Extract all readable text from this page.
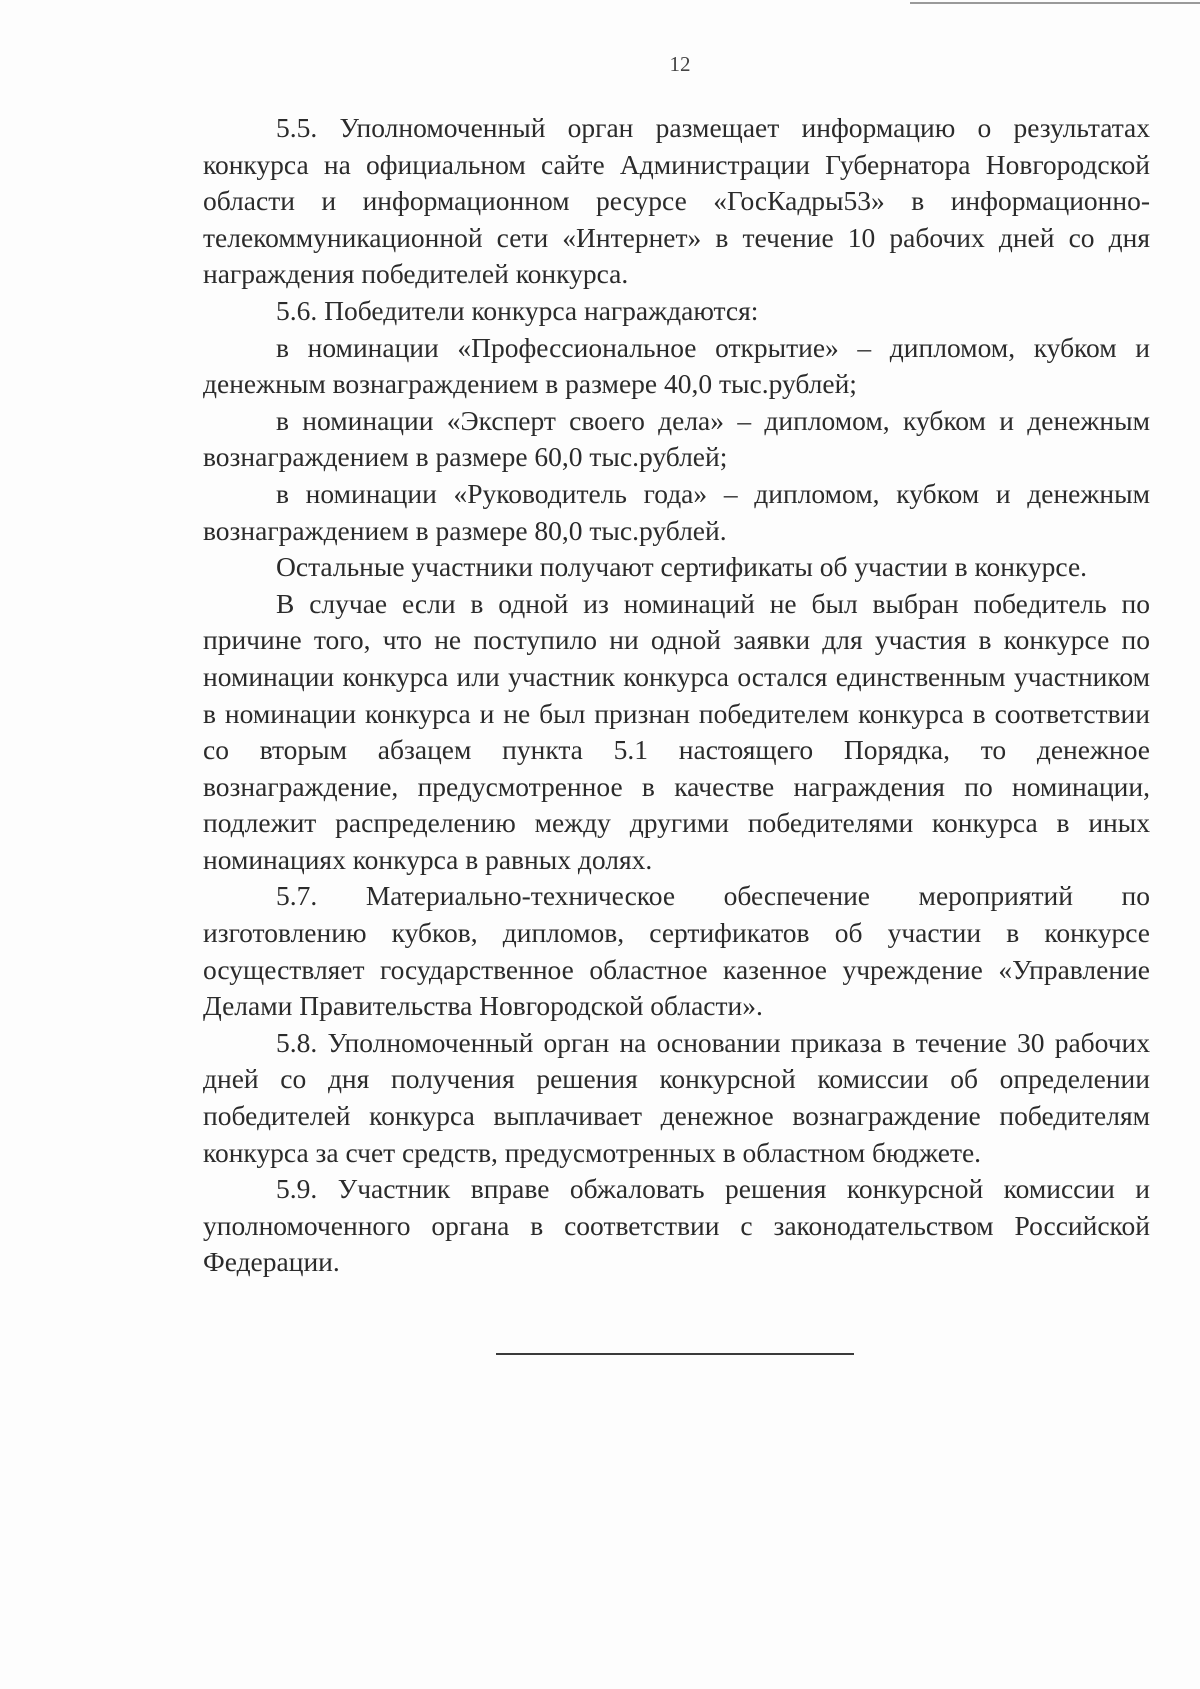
12

5.5. Уполномоченный орган размещает информацию о результатах конкурса на официальном сайте Администрации Губернатора Новгородской области и информационном ресурсе «ГосКадры53» в информационно-телекоммуникационной сети «Интернет» в течение 10 рабочих дней со дня награждения победителей конкурса.

5.6. Победители конкурса награждаются:

в номинации «Профессиональное открытие» – дипломом, кубком и денежным вознаграждением в размере 40,0 тыс.рублей;

в номинации «Эксперт своего дела» – дипломом, кубком и денежным вознаграждением в размере 60,0 тыс.рублей;

в номинации «Руководитель года» – дипломом, кубком и денежным вознаграждением в размере 80,0 тыс.рублей.

Остальные участники получают сертификаты об участии в конкурсе.

В случае если в одной из номинаций не был выбран победитель по причине того, что не поступило ни одной заявки для участия в конкурсе по номинации конкурса или участник конкурса остался единственным участником в номинации конкурса и не был признан победителем конкурса в соответствии со вторым абзацем пункта 5.1 настоящего Порядка, то денежное вознаграждение, предусмотренное в качестве награждения по номинации, подлежит распределению между другими победителями конкурса в иных номинациях конкурса в равных долях.

5.7. Материально-техническое обеспечение мероприятий по изготовлению кубков, дипломов, сертификатов об участии в конкурсе осуществляет государственное областное казенное учреждение «Управление Делами Правительства Новгородской области».

5.8. Уполномоченный орган на основании приказа в течение 30 рабочих дней со дня получения решения конкурсной комиссии об определении победителей конкурса выплачивает денежное вознаграждение победителям конкурса за счет средств, предусмотренных в областном бюджете.

5.9. Участник вправе обжаловать решения конкурсной комиссии и уполномоченного органа в соответствии с законодательством Российской Федерации.
